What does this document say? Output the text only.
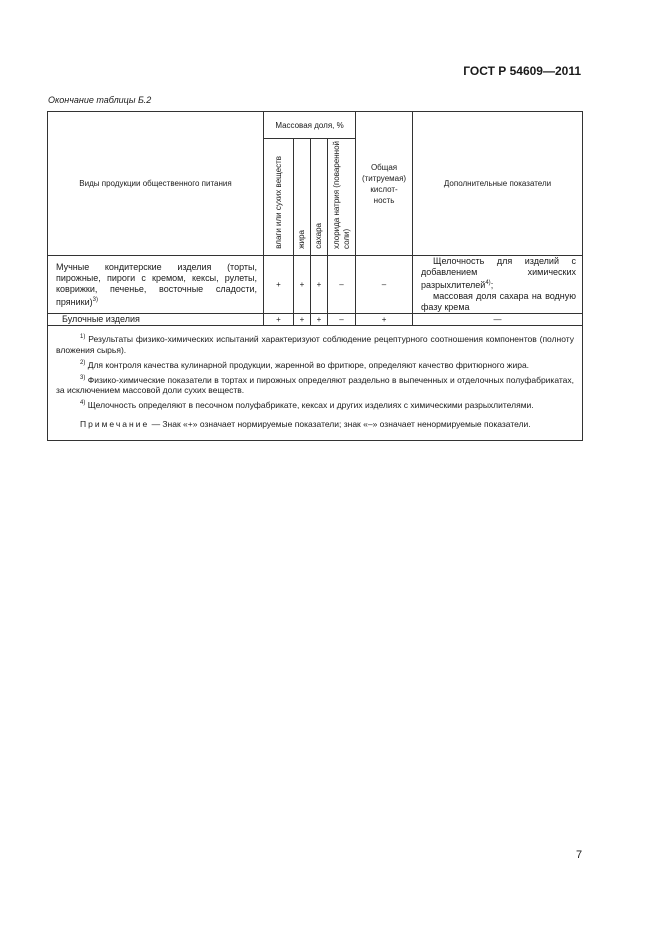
ГОСТ Р 54609—2011
Окончание таблицы Б.2
Виды продукции общественного питания	Массовая доля, %				Общая (титруемая) кислот-ность	Дополнительные показатели

	влаги или сухих веществ	жира	сахара	хлорида натрия (поваренной соли)		

Мучные кондитерские изделия (торты, пирожные, пироги с кремом, кексы, рулеты, коврижки, печенье, восточные сладости, пряники)$^{3)}$	+	+	+	–	–	Щелочность для изделий с добавлением химических разрыхлителей$^{4)}$;
массовая доля сахара на водную фазу крема

Булочные изделия	+	+	+	–	+	—

$^{1)}$ Результаты физико-химических испытаний характеризуют соблюдение рецептурного соотношения компонентов (полноту вложения сырья).

$^{2)}$ Для контроля качества кулинарной продукции, жаренной во фритюре, определяют качество фритюрного жира.

$^{3)}$ Физико-химические показатели в тортах и пирожных определяют раздельно в выпеченных и отделочных полуфабрикатах, за исключением массовой доли сухих веществ.

$^{4)}$ Щелочность определяют в песочном полуфабрикате, кексах и других изделиях с химическими разрыхлителями.

Примечание — Знак «+» означает нормируемые показатели; знак «–» означает ненормируемые показатели.						

7
